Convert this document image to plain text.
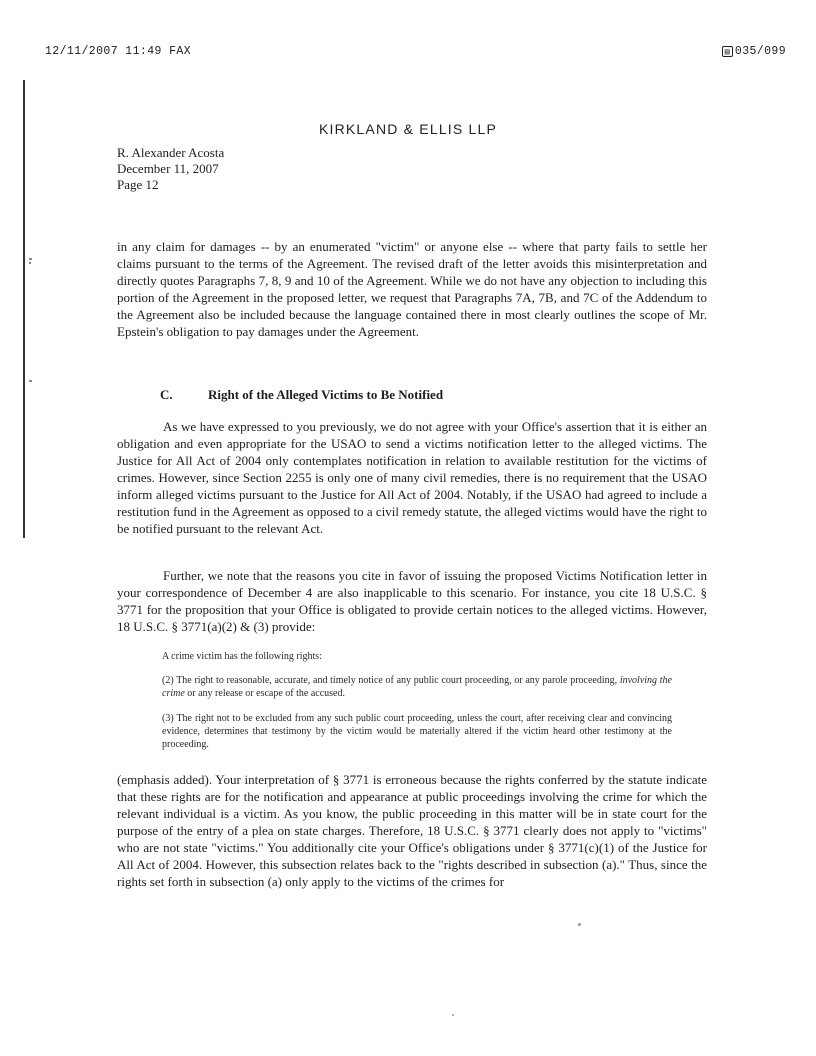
12/11/2007 11:49 FAX	▤ 035/099
KIRKLAND & ELLIS LLP
R. Alexander Acosta
December 11, 2007
Page 12

in any claim for damages -- by an enumerated "victim" or anyone else -- where that party fails to settle her claims pursuant to the terms of the Agreement. The revised draft of the letter avoids this misinterpretation and directly quotes Paragraphs 7, 8, 9 and 10 of the Agreement. While we do not have any objection to including this portion of the Agreement in the proposed letter, we request that Paragraphs 7A, 7B, and 7C of the Addendum to the Agreement also be included because the language contained there in most clearly outlines the scope of Mr. Epstein's obligation to pay damages under the Agreement.

C.	Right of the Alleged Victims to Be Notified

As we have expressed to you previously, we do not agree with your Office's assertion that it is either an obligation and even appropriate for the USAO to send a victims notification letter to the alleged victims. The Justice for All Act of 2004 only contemplates notification in relation to available restitution for the victims of crimes. However, since Section 2255 is only one of many civil remedies, there is no requirement that the USAO inform alleged victims pursuant to the Justice for All Act of 2004. Notably, if the USAO had agreed to include a restitution fund in the Agreement as opposed to a civil remedy statute, the alleged victims would have the right to be notified pursuant to the relevant Act.

Further, we note that the reasons you cite in favor of issuing the proposed Victims Notification letter in your correspondence of December 4 are also inapplicable to this scenario. For instance, you cite 18 U.S.C. § 3771 for the proposition that your Office is obligated to provide certain notices to the alleged victims. However, 18 U.S.C. § 3771(a)(2) & (3) provide:

A crime victim has the following rights:

(2) The right to reasonable, accurate, and timely notice of any public court proceeding, or any parole proceeding, involving the crime or any release or escape of the accused.

(3) The right not to be excluded from any such public court proceeding, unless the court, after receiving clear and convincing evidence, determines that testimony by the victim would be materially altered if the victim heard other testimony at the proceeding.

(emphasis added). Your interpretation of § 3771 is erroneous because the rights conferred by the statute indicate that these rights are for the notification and appearance at public proceedings involving the crime for which the relevant individual is a victim. As you know, the public proceeding in this matter will be in state court for the purpose of the entry of a plea on state charges. Therefore, 18 U.S.C. § 3771 clearly does not apply to "victims" who are not state "victims." You additionally cite your Office's obligations under § 3771(c)(1) of the Justice for All Act of 2004. However, this subsection relates back to the "rights described in subsection (a)." Thus, since the rights set forth in subsection (a) only apply to the victims of the crimes for
